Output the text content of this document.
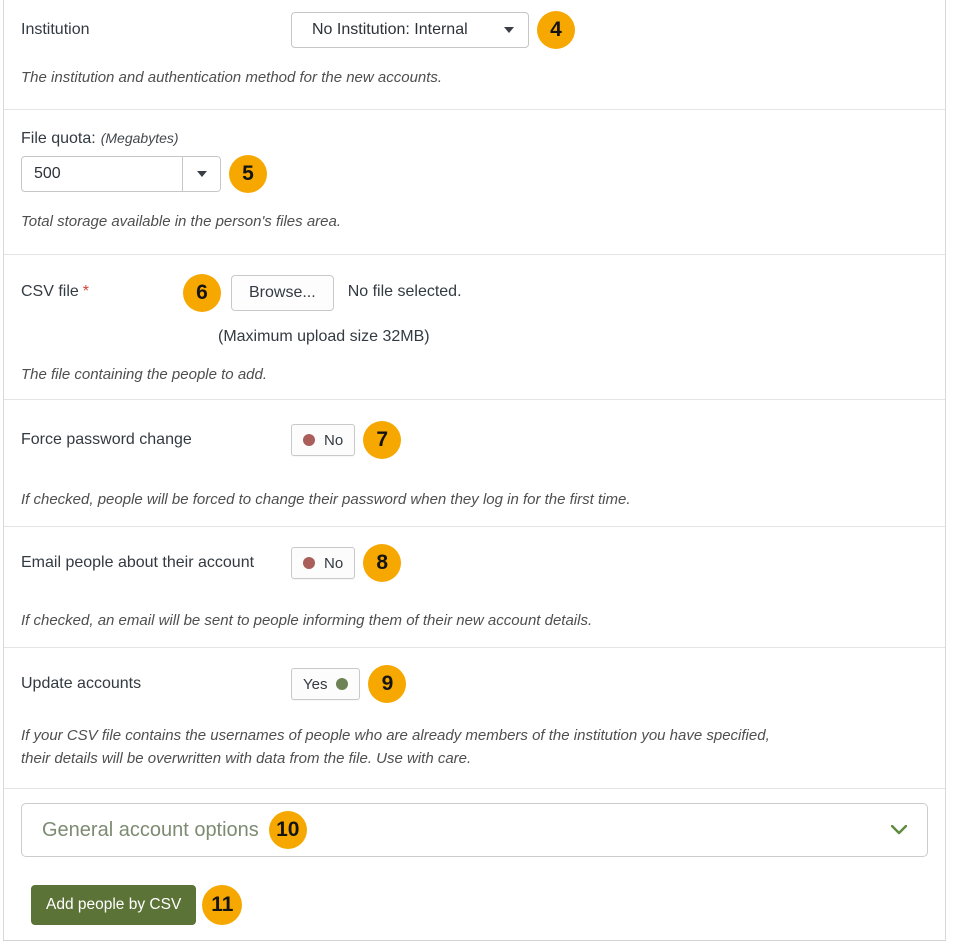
Institution	No Institution: Internal	4
The institution and authentication method for the new accounts.
File quota: (Megabytes)
500
5
Total storage available in the person's files area.
CSV file *	6	Browse...	No file selected.
(Maximum upload size 32MB)
The file containing the people to add.
Force password change	No	7
If checked, people will be forced to change their password when they log in for the first time.
Email people about their account	No	8
If checked, an email will be sent to people informing them of their new account details.
Update accounts	Yes	9
If your CSV file contains the usernames of people who are already members of the institution you have specified, their details will be overwritten with data from the file. Use with care.
General account options 10
Add people by CSV	11
